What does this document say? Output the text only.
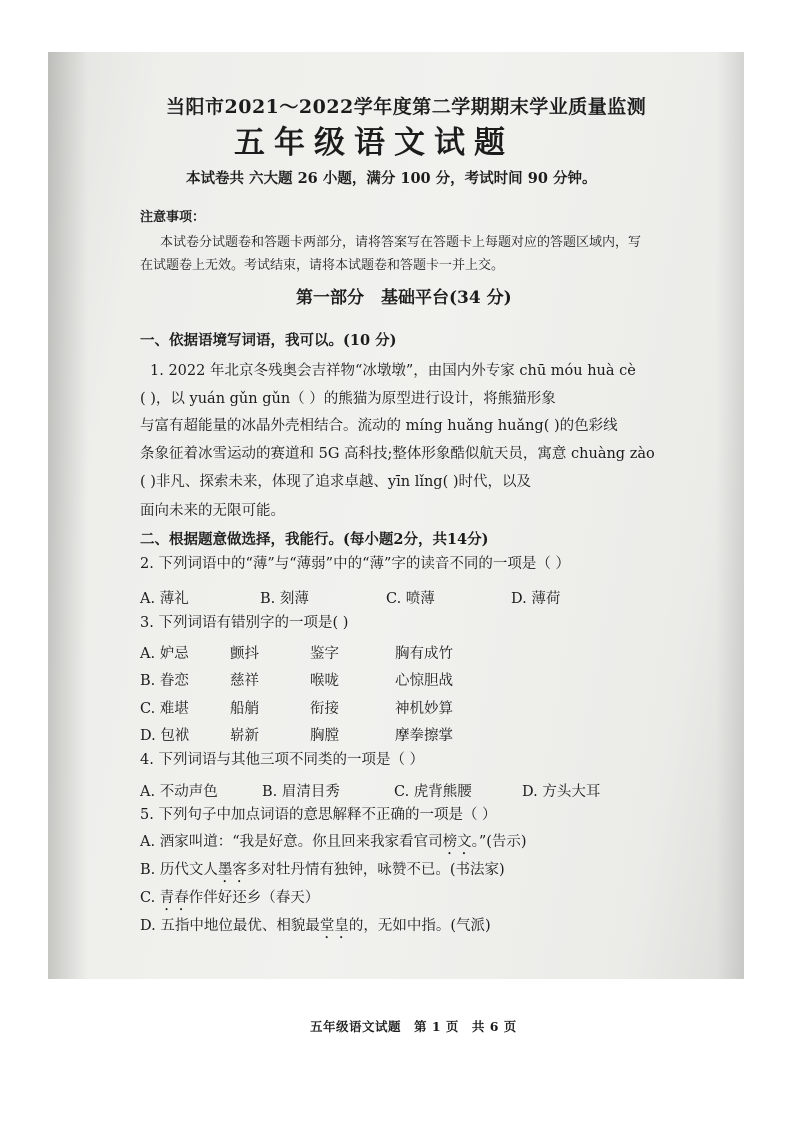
当阳市2021～2022学年度第二学期期末学业质量监测
五年级语文试题
本试卷共 六大题 26 小题，满分 100 分，考试时间 90 分钟。
注意事项：
本试卷分试题卷和答题卡两部分，请将答案写在答题卡上每题对应的答题区域内，写
在试题卷上无效。考试结束，请将本试题卷和答题卡一并上交。
第一部分　基础平台(34 分)
一、依据语境写词语，我可以。(10 分)
1. 2022 年北京冬残奥会吉祥物“冰墩墩”，由国内外专家 chū móu huà cè
( )，以 yuán gǔn gǔn（ ）的熊猫为原型进行设计，将熊猫形象
与富有超能量的冰晶外壳相结合。流动的 míng huǎng huǎng( )的色彩线
条象征着冰雪运动的赛道和 5G 高科技;整体形象酷似航天员，寓意 chuàng zào
( )非凡、探索未来，体现了追求卓越、yīn lǐng( )时代，以及
面向未来的无限可能。
二、根据题意做选择，我能行。(每小题2分，共14分)
2. 下列词语中的“薄”与“薄弱”中的“薄”字的读音不同的一项是（ ）
A. 薄礼	B. 刻薄	C. 喷薄	D. 薄荷
3. 下列词语有错别字的一项是( )
A. 妒忌	颤抖	鉴字	胸有成竹
B. 眷恋	慈祥	喉咙	心惊胆战
C. 难堪	船艄	衔接	神机妙算
D. 包袱	崭新	胸膛	摩拳擦掌
4. 下列词语与其他三项不同类的一项是（ ）
A. 不动声色	B. 眉清目秀	C. 虎背熊腰	D. 方头大耳
5. 下列句子中加点词语的意思解释不正确的一项是（ ）
A. 酒家叫道：“我是好意。你且回来我家看官司榜文。”(告示)
B. 历代文人墨客多对牡丹情有独钟，咏赞不已。(书法家)
C. 青春作伴好还乡（春天）
D. 五指中地位最优、相貌最堂皇的，无如中指。(气派)
五年级语文试题　第 1 页　共 6 页
